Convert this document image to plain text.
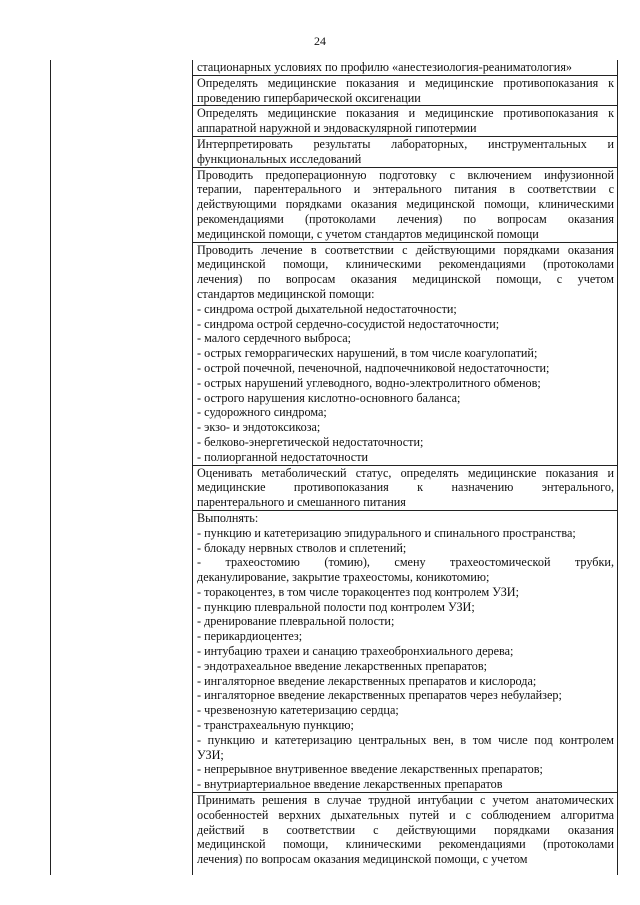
24
стационарных условиях по профилю «анестезиология-реаниматология»
Определять медицинские показания и медицинские противопоказания к
проведению гипербарической оксигенации
Определять медицинские показания и медицинские противопоказания к
аппаратной наружной и эндоваскулярной гипотермии
Интерпретировать результаты лабораторных, инструментальных и
функциональных исследований
Проводить предоперационную подготовку с включением инфузионной
терапии, парентерального и энтерального питания в соответствии с
действующими порядками оказания медицинской помощи, клиническими
рекомендациями (протоколами лечения) по вопросам оказания
медицинской помощи, с учетом стандартов медицинской помощи
Проводить лечение в соответствии с действующими порядками оказания
медицинской помощи, клиническими рекомендациями (протоколами
лечения) по вопросам оказания медицинской помощи, с учетом
стандартов медицинской помощи:
- синдрома острой дыхательной недостаточности;
- синдрома острой сердечно-сосудистой недостаточности;
- малого сердечного выброса;
- острых геморрагических нарушений, в том числе коагулопатий;
- острой почечной, печеночной, надпочечниковой недостаточности;
- острых нарушений углеводного, водно-электролитного обменов;
- острого нарушения кислотно-основного баланса;
- судорожного синдрома;
- экзо- и эндотоксикоза;
- белково-энергетической недостаточности;
- полиорганной недостаточности
Оценивать метаболический статус, определять медицинские показания и
медицинские противопоказания к назначению энтерального,
парентерального и смешанного питания
Выполнять:
- пункцию и катетеризацию эпидурального и спинального пространства;
- блокаду нервных стволов и сплетений;
- трахеостомию (томию), смену трахеостомической трубки,
деканулирование, закрытие трахеостомы, коникотомию;
- торакоцентез, в том числе торакоцентез под контролем УЗИ;
- пункцию плевральной полости под контролем УЗИ;
- дренирование плевральной полости;
- перикардиоцентез;
- интубацию трахеи и санацию трахеобронхиального дерева;
- эндотрахеальное введение лекарственных препаратов;
- ингаляторное введение лекарственных препаратов и кислорода;
- ингаляторное введение лекарственных препаратов через небулайзер;
- чрезвенозную катетеризацию сердца;
- транстрахеальную пункцию;
- пункцию и катетеризацию центральных вен, в том числе под контролем
УЗИ;
- непрерывное внутривенное введение лекарственных препаратов;
- внутриартериальное введение лекарственных препаратов
Принимать решения в случае трудной интубации с учетом анатомических
особенностей верхних дыхательных путей и с соблюдением алгоритма
действий в соответствии с действующими порядками оказания
медицинской помощи, клиническими рекомендациями (протоколами
лечения) по вопросам оказания медицинской помощи, с учетом
